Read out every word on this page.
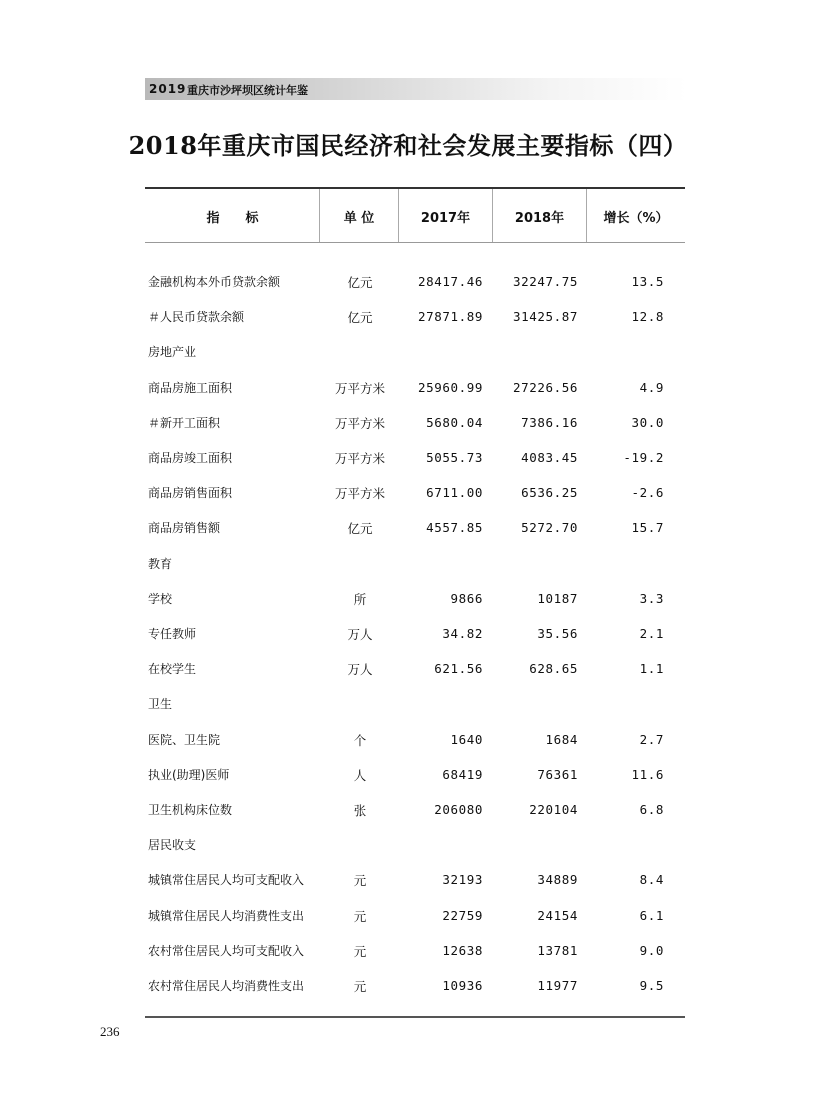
2019 重庆市沙坪坝区统计年鉴
2018年重庆市国民经济和社会发展主要指标（四）
指　　标	单 位	2017年	2018年	增长（%）
金融机构本外币贷款余额	亿元	28417.46	32247.75	13.5
＃人民币贷款余额	亿元	27871.89	31425.87	12.8
房地产业
商品房施工面积	万平方米	25960.99	27226.56	4.9
＃新开工面积	万平方米	5680.04	7386.16	30.0
商品房竣工面积	万平方米	5055.73	4083.45	-19.2
商品房销售面积	万平方米	6711.00	6536.25	-2.6
商品房销售额	亿元	4557.85	5272.70	15.7
教育
学校	所	9866	10187	3.3
专任教师	万人	34.82	35.56	2.1
在校学生	万人	621.56	628.65	1.1
卫生
医院、卫生院	个	1640	1684	2.7
执业(助理)医师	人	68419	76361	11.6
卫生机构床位数	张	206080	220104	6.8
居民收支
城镇常住居民人均可支配收入	元	32193	34889	8.4
城镇常住居民人均消费性支出	元	22759	24154	6.1
农村常住居民人均可支配收入	元	12638	13781	9.0
农村常住居民人均消费性支出	元	10936	11977	9.5
236
